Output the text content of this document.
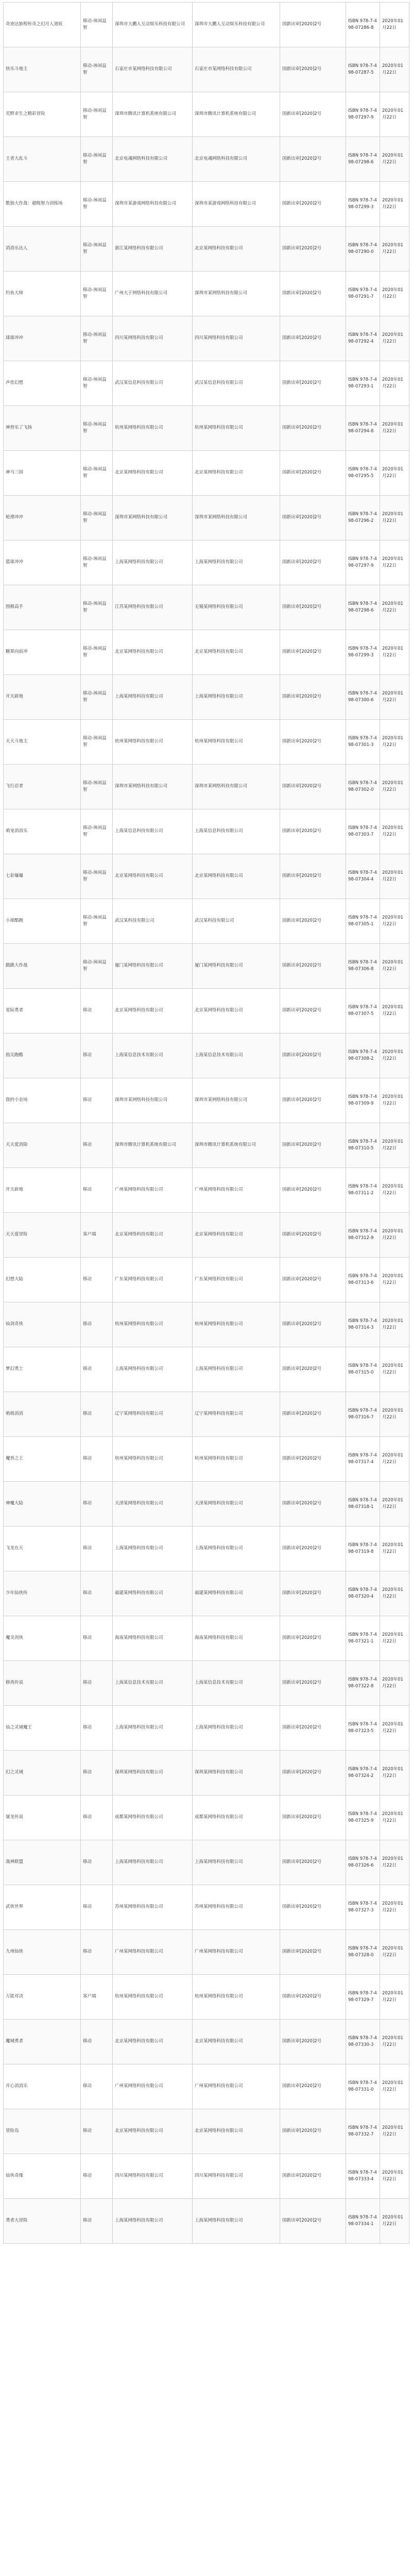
奇迹达旅程传奇之幻月人道妖	移动-休闲益智	深圳市大鹏人互动娱乐科技有限公司	深圳市大鹏人互动娱乐科技有限公司	国新出审[2020]2号	ISBN 978-7-498-07286-8	2020年01月22日
快乐斗地主	移动-休闲益智	石家庄市某网络科技有限公司	石家庄市某网络科技有限公司	国新出审[2020]2号	ISBN 978-7-498-07287-5	2020年01月22日
荒野求生之精彩冒险	移动-休闲益智	深圳市腾讯计算机系统有限公司	深圳市腾讯计算机系统有限公司	国新出审[2020]2号	ISBN 978-7-498-07297-9	2020年01月22日
王者大乱斗	移动-休闲益智	北京电魂网络科技有限公司	北京电魂网络科技有限公司	国新出审[2020]2号	ISBN 978-7-498-07298-6	2020年01月22日
数独大作战：超级智力训练场	移动-休闲益智	深圳市某游戏网络科技有限公司	深圳市某游戏网络科技有限公司	国新出审[2020]2号	ISBN 978-7-498-07299-3	2020年01月22日
消消乐达人	移动-休闲益智	浙江某网络科技有限公司	北京某网络科技有限公司	国新出审[2020]2号	ISBN 978-7-498-07290-0	2020年01月22日
钓鱼大师	移动-休闲益智	广州大于网络科技有限公司	深圳市某网络科技有限公司	国新出审[2020]2号	ISBN 978-7-498-07291-7	2020年01月22日
球球冲冲	移动-休闲益智	四川某网络科技有限公司	四川某网络科技有限公司	国新出审[2020]2号	ISBN 978-7-498-07292-4	2020年01月22日
声优幻想	移动-休闲益智	武汉某信息科技有限公司	武汉某信息科技有限公司	国新出审[2020]2号	ISBN 978-7-498-07293-1	2020年01月22日
神兽乐了飞扬	移动-休闲益智	杭州某网络科技有限公司	杭州某网络科技有限公司	国新出审[2020]2号	ISBN 978-7-498-07294-8	2020年01月22日
神马三国	移动-休闲益智	北京某网络科技有限公司	北京某网络科技有限公司	国新出审[2020]2号	ISBN 978-7-498-07295-5	2020年01月22日
轮滑冲冲	移动-休闲益智	深圳市某网络科技有限公司	深圳市某网络科技有限公司	国新出审[2020]2号	ISBN 978-7-498-07296-2	2020年01月22日
篮球冲冲	移动-休闲益智	上海某网络科技有限公司	上海某网络科技有限公司	国新出审[2020]2号	ISBN 978-7-498-07297-9	2020年01月22日
围棋高手	移动-休闲益智	江苏某网络科技有限公司	无锡某网络科技有限公司	国新出审[2020]2号	ISBN 978-7-498-07298-6	2020年01月22日
糖果向前冲	移动-休闲益智	北京某网络科技有限公司	北京某网络科技有限公司	国新出审[2020]2号	ISBN 978-7-498-07299-3	2020年01月22日
开天辟地	移动-休闲益智	上海某网络科技有限公司	上海某网络科技有限公司	国新出审[2020]2号	ISBN 978-7-498-07300-6	2020年01月22日
天天斗地主	移动-休闲益智	杭州某网络科技有限公司	杭州某网络科技有限公司	国新出审[2020]2号	ISBN 978-7-498-07301-3	2020年01月22日
飞行忍者	移动-休闲益智	深圳市某网络科技有限公司	深圳市某网络科技有限公司	国新出审[2020]2号	ISBN 978-7-498-07302-0	2020年01月22日
萌宠消消乐	移动-休闲益智	上海某信息科技有限公司	上海某信息科技有限公司	国新出审[2020]2号	ISBN 978-7-498-07303-7	2020年01月22日
七彩爆爆	移动-休闲益智	北京某网络科技有限公司	北京某网络科技有限公司	国新出审[2020]2号	ISBN 978-7-498-07304-4	2020年01月22日
小球酷跑	移动-休闲益智	武汉某科技有限公司	武汉某科技有限公司	国新出审[2020]2号	ISBN 978-7-498-07305-1	2020年01月22日
跳跳大作战	移动-休闲益智	厦门某网络科技有限公司	厦门某网络科技有限公司	国新出审[2020]2号	ISBN 978-7-498-07306-8	2020年01月22日
星际勇者	移动	北京某网络科技有限公司	北京某网络科技有限公司	国新出审[2020]2号	ISBN 978-7-498-07307-5	2020年01月22日
指尖跑酷	移动	上海某信息技术有限公司	上海某信息技术有限公司	国新出审[2020]2号	ISBN 978-7-498-07308-2	2020年01月22日
我的小农场	移动	深圳市某网络科技有限公司	深圳市某网络科技有限公司	国新出审[2020]2号	ISBN 978-7-498-07309-9	2020年01月22日
天天爱消除	移动	深圳市腾讯计算机系统有限公司	深圳市腾讯计算机系统有限公司	国新出审[2020]2号	ISBN 978-7-498-07310-5	2020年01月22日
开天辟地	移动	广州某网络科技有限公司	广州某网络科技有限公司	国新出审[2020]2号	ISBN 978-7-498-07311-2	2020年01月22日
天天爱冒险	客户端	北京某网络科技有限公司	北京某网络科技有限公司	国新出审[2020]2号	ISBN 978-7-498-07312-9	2020年01月22日
幻想大陆	移动	广东某网络科技有限公司	广东某网络科技有限公司	国新出审[2020]2号	ISBN 978-7-498-07313-6	2020年01月22日
仙剑奇侠	移动	杭州某网络科技有限公司	杭州某网络科技有限公司	国新出审[2020]2号	ISBN 978-7-498-07314-3	2020年01月22日
梦幻勇士	移动	上海某网络科技有限公司	上海某网络科技有限公司	国新出审[2020]2号	ISBN 978-7-498-07315-0	2020年01月22日
萌萌消消	移动	辽宁某网络科技有限公司	辽宁某网络科技有限公司	国新出审[2020]2号	ISBN 978-7-498-07316-7	2020年01月22日
魔兽之王	移动	杭州某网络科技有限公司	杭州某网络科技有限公司	国新出审[2020]2号	ISBN 978-7-498-07317-4	2020年01月22日
神魔大陆	移动	天津某网络科技有限公司	天津某网络科技有限公司	国新出审[2020]2号	ISBN 978-7-498-07318-1	2020年01月22日
飞龙在天	移动	上海某网络科技有限公司	上海某网络科技有限公司	国新出审[2020]2号	ISBN 978-7-498-07319-8	2020年01月22日
少年仙侠传	移动	福建某网络科技有限公司	福建某网络科技有限公司	国新出审[2020]2号	ISBN 978-7-498-07320-4	2020年01月22日
魔灵剑侠	移动	海南某网络科技有限公司	海南某网络科技有限公司	国新出审[2020]2号	ISBN 978-7-498-07321-1	2020年01月22日
修真传说	移动	上海某信息技术有限公司	上海某信息技术有限公司	国新出审[2020]2号	ISBN 978-7-498-07322-8	2020年01月22日
仙之灵域魔王	移动	上海某网络科技有限公司	上海某网络科技有限公司	国新出审[2020]2号	ISBN 978-7-498-07323-5	2020年01月22日
幻之灵域	移动	深圳某网络科技有限公司	深圳某网络科技有限公司	国新出审[2020]2号	ISBN 978-7-498-07324-2	2020年01月22日
屠龙传说	移动	成都某网络科技有限公司	成都某网络科技有限公司	国新出审[2020]2号	ISBN 978-7-498-07325-9	2020年01月22日
战神联盟	移动	上海某网络科技有限公司	上海某网络科技有限公司	国新出审[2020]2号	ISBN 978-7-498-07326-6	2020年01月22日
武侠世界	移动	苏州某网络科技有限公司	苏州某网络科技有限公司	国新出审[2020]2号	ISBN 978-7-498-07327-3	2020年01月22日
九州仙侠	移动	广州某网络科技有限公司	广州某网络科技有限公司	国新出审[2020]2号	ISBN 978-7-498-07328-0	2020年01月22日
万能对决	客户端	杭州某网络科技有限公司	杭州某网络科技有限公司	国新出审[2020]2号	ISBN 978-7-498-07329-7	2020年01月22日
魔域勇者	移动	北京某网络科技有限公司	北京某网络科技有限公司	国新出审[2020]2号	ISBN 978-7-498-07330-3	2020年01月22日
开心消消乐	移动	广州某网络科技有限公司	广州某网络科技有限公司	国新出审[2020]2号	ISBN 978-7-498-07331-0	2020年01月22日
冒险岛	移动	北京某网络科技有限公司	北京某网络科技有限公司	国新出审[2020]2号	ISBN 978-7-498-07332-7	2020年01月22日
仙侠奇缘	移动	四川某网络科技有限公司	四川某网络科技有限公司	国新出审[2020]2号	ISBN 978-7-498-07333-4	2020年01月22日
勇者大冒险	移动	上海某网络科技有限公司	上海某网络科技有限公司	国新出审[2020]2号	ISBN 978-7-498-07334-1	2020年01月22日
